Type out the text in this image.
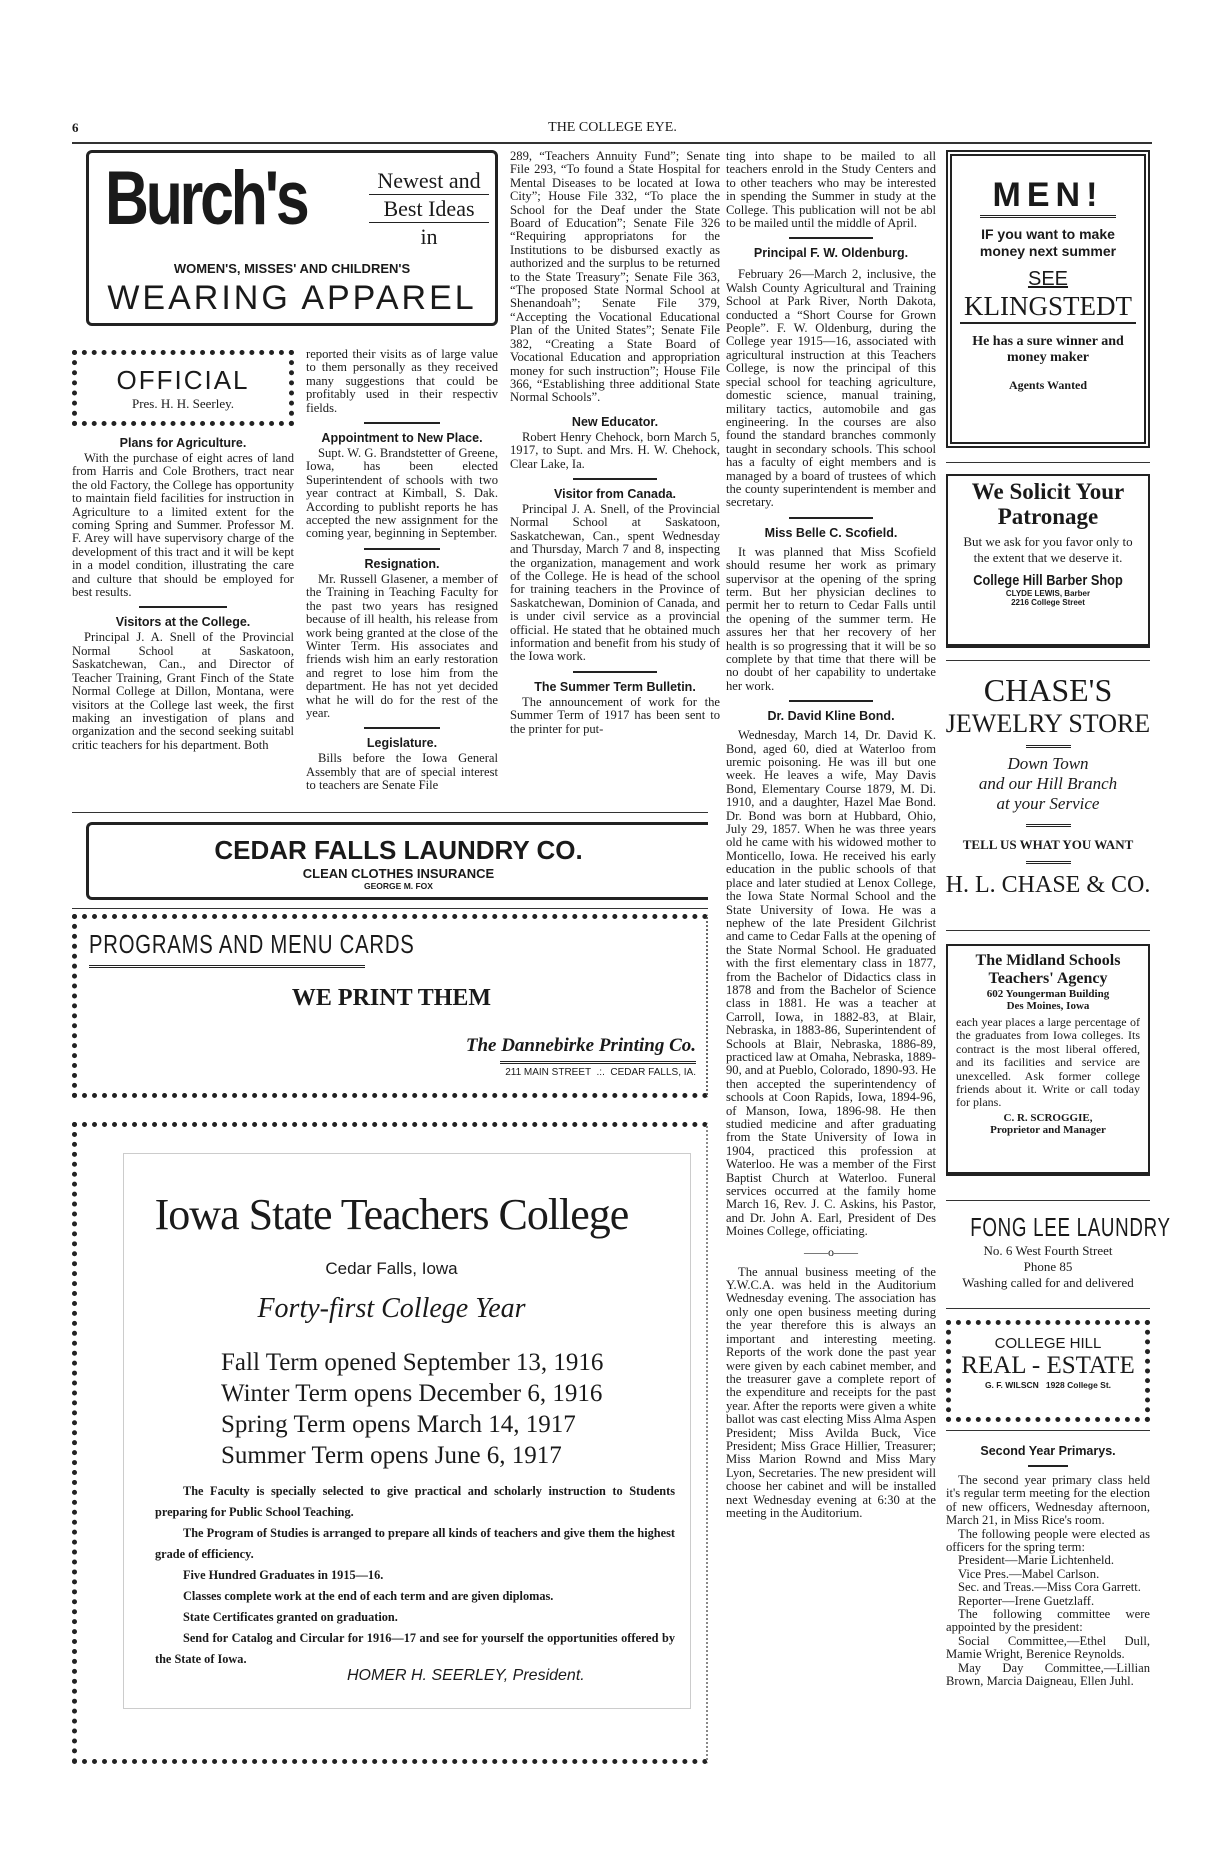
6	THE COLLEGE EYE.
Burch's	Newest and
Best Ideas
in
WOMEN'S, MISSES' AND CHILDREN'S
WEARING APPAREL
OFFICIAL
Pres. H. H. Seerley.
Plans for Agriculture.

With the purchase of eight acres of land from Harris and Cole Brothers, tract near the old Factory, the College has opportunity to maintain field facilities for instruction in Agriculture to a limited extent for the coming Spring and Summer. Professor M. F. Arey will have supervisory charge of the development of this tract and it will be kept in a model condition, illustrating the care and culture that should be employed for best results.

Visitors at the College.

Principal J. A. Snell of the Provincial Normal School at Saskatoon, Saskatchewan, Can., and Director of Teacher Training, Grant Finch of the State Normal College at Dillon, Montana, were visitors at the College last week, the first making an investigation of plans and organization and the second seeking suitabl critic teachers for his department. Both

reported their visits as of large value to them personally as they received many suggestions that could be profitably used in their respectiv fields.

Appointment to New Place.

Supt. W. G. Brandstetter of Greene, Iowa, has been elected Superintendent of schools with two year contract at Kimball, S. Dak. According to publisht reports he has accepted the new assignment for the coming year, beginning in September.

Resignation.

Mr. Russell Glasener, a member of the Training in Teaching Faculty for the past two years has resigned because of ill health, his release from work being granted at the close of the Winter Term. His associates and friends wish him an early restoration and regret to lose him from the department. He has not yet decided what he will do for the rest of the year.

Legislature.

Bills before the Iowa General Assembly that are of special interest to teachers are Senate File

289, “Teachers Annuity Fund”; Senate File 293, “To found a State Hospital for Mental Diseases to be located at Iowa City”; House File 332, “To place the School for the Deaf under the State Board of Education”; Senate File 326 “Requiring appropriatons for the Institutions to be disbursed exactly as authorized and the surplus to be returned to the State Treasury”; Senate File 363, “The proposed State Normal School at Shenandoah”; Senate File 379, “Accepting the Vocational Educational Plan of the United States”; Senate File 382, “Creating a State Board of Vocational Education and appropriation money for such instruction”; House File 366, “Establishing three additional State Normal Schools”.

New Educator.

Robert Henry Chehock, born March 5, 1917, to Supt. and Mrs. H. W. Chehock, Clear Lake, Ia.

Visitor from Canada.

Principal J. A. Snell, of the Provincial Normal School at Saskatoon, Saskatchewan, Can., spent Wednesday and Thursday, March 7 and 8, inspecting the organization, management and work of the College. He is head of the school for training teachers in the Province of Saskatchewan, Dominion of Canada, and is under civil service as a provincial official. He stated that he obtained much information and benefit from his study of the Iowa work.

The Summer Term Bulletin.

The announcement of work for the Summer Term of 1917 has been sent to the printer for put-

ting into shape to be mailed to all teachers enrold in the Study Centers and to other teachers who may be interested in spending the Summer in study at the College. This publication will not be abl to be mailed until the middle of April.

Principal F. W. Oldenburg.

February 26—March 2, inclusive, the Walsh County Agricultural and Training School at Park River, North Dakota, conducted a “Short Course for Grown People”. F. W. Oldenburg, during the College year 1915—16, associated with agricultural instruction at this Teachers College, is now the principal of this special school for teaching agriculture, domestic science, manual training, military tactics, automobile and gas engineering. In the courses are also found the standard branches commonly taught in secondary schools. This school has a faculty of eight members and is managed by a board of trustees of which the county superintendent is member and secretary.

Miss Belle C. Scofield.

It was planned that Miss Scofield should resume her work as primary supervisor at the opening of the spring term. But her physician declines to permit her to return to Cedar Falls until the opening of the summer term. He assures her that her recovery of her health is so progressing that it will be so complete by that time that there will be no doubt of her capability to undertake her work.

Dr. David Kline Bond.

Wednesday, March 14, Dr. David K. Bond, aged 60, died at Waterloo from uremic poisoning. He was ill but one week. He leaves a wife, May Davis Bond, Elementary Course 1879, M. Di. 1910, and a daughter, Hazel Mae Bond. Dr. Bond was born at Hubbard, Ohio, July 29, 1857. When he was three years old he came with his widowed mother to Monticello, Iowa. He received his early education in the public schools of that place and later studied at Lenox College, the Iowa State Normal School and the State University of Iowa. He was a nephew of the late President Gilchrist and came to Cedar Falls at the opening of the State Normal School. He graduated with the first elementary class in 1877, from the Bachelor of Didactics class in 1878 and from the Bachelor of Science class in 1881. He was a teacher at Carroll, Iowa, in 1882-83, at Blair, Nebraska, in 1883-86, Superintendent of Schools at Blair, Nebraska, 1886-89, practiced law at Omaha, Nebraska, 1889-90, and at Pueblo, Colorado, 1890-93. He then accepted the superintendency of schools at Coon Rapids, Iowa, 1894-96, of Manson, Iowa, 1896-98. He then studied medicine and after graduating from the State University of Iowa in 1904, practiced this profession at Waterloo. He was a member of the First Baptist Church at Waterloo. Funeral services occurred at the family home March 16, Rev. J. C. Askins, his Pastor, and Dr. John A. Earl, President of Des Moines College, officiating.

——o——

The annual business meeting of the Y.W.C.A. was held in the Auditorium Wednesday evening. The association has only one open business meeting during the year therefore this is always an important and interesting meeting. Reports of the work done the past year were given by each cabinet member, and the treasurer gave a complete report of the expenditure and receipts for the past year. After the reports were given a white ballot was cast electing Miss Alma Aspen President; Miss Avilda Buck, Vice President; Miss Grace Hillier, Treasurer; Miss Marion Rownd and Miss Mary Lyon, Secretaries. The new president will choose her cabinet and will be installed next Wednesday evening at 6:30 at the meeting in the Auditorium.

MEN!
IF you want to make money next summer
SEE
KLINGSTEDT
He has a sure winner and money maker
Agents Wanted
We Solicit Your
Patronage
But we ask for you favor only to the extent that we deserve it.
College Hill Barber Shop
CLYDE LEWIS, Barber
2216 College Street
CHASE'S
JEWELRY STORE
Down Town
and our Hill Branch
at your Service
TELL US WHAT YOU WANT
H. L. CHASE & CO.
The Midland Schools
Teachers' Agency
602 Youngerman Building
Des Moines, Iowa
each year places a large percentage of the graduates from Iowa colleges. Its contract is the most liberal offered, and its facilities and service are unexcelled. Ask former college friends about it. Write or call today for plans.
C. R. SCROGGIE,
Proprietor and Manager
FONG LEE LAUNDRY
No. 6 West Fourth Street
Phone 85
Washing called for and delivered
COLLEGE HILL
REAL - ESTATE
G. F. WILSCN   1928 College St.
Second Year Primarys.

The second year primary class held it's regular term meeting for the election of new officers, Wednesday afternoon, March 21, in Miss Rice's room.

The following people were elected as officers for the spring term:

President—Marie Lichtenheld.

Vice Pres.—Mabel Carlson.

Sec. and Treas.—Miss Cora Garrett.

Reporter—Irene Guetzlaff.

The following committee were appointed by the president:

Social Committee,—Ethel Dull, Mamie Wright, Berenice Reynolds.

May Day Committee,—Lillian Brown, Marcia Daigneau, Ellen Juhl.

CEDAR FALLS LAUNDRY CO.
CLEAN CLOTHES INSURANCE
GEORGE M. FOX
PROGRAMS AND MENU CARDS
WE PRINT THEM
The Dannebirke Printing Co.
211 MAIN STREET  .:.  CEDAR FALLS, IA.
Iowa State Teachers College
Cedar Falls, Iowa
Forty-first College Year
Fall Term opened September 13, 1916
Winter Term opens December 6, 1916
Spring Term opens March 14, 1917
Summer Term opens June 6, 1917

The Faculty is specially selected to give practical and scholarly instruction to Students preparing for Public School Teaching.

The Program of Studies is arranged to prepare all kinds of teachers and give them the highest grade of efficiency.

Five Hundred Graduates in 1915—16.

Classes complete work at the end of each term and are given diplomas.

State Certificates granted on graduation.

Send for Catalog and Circular for 1916—17 and see for yourself the opportunities offered by the State of Iowa.

HOMER H. SEERLEY, President.
